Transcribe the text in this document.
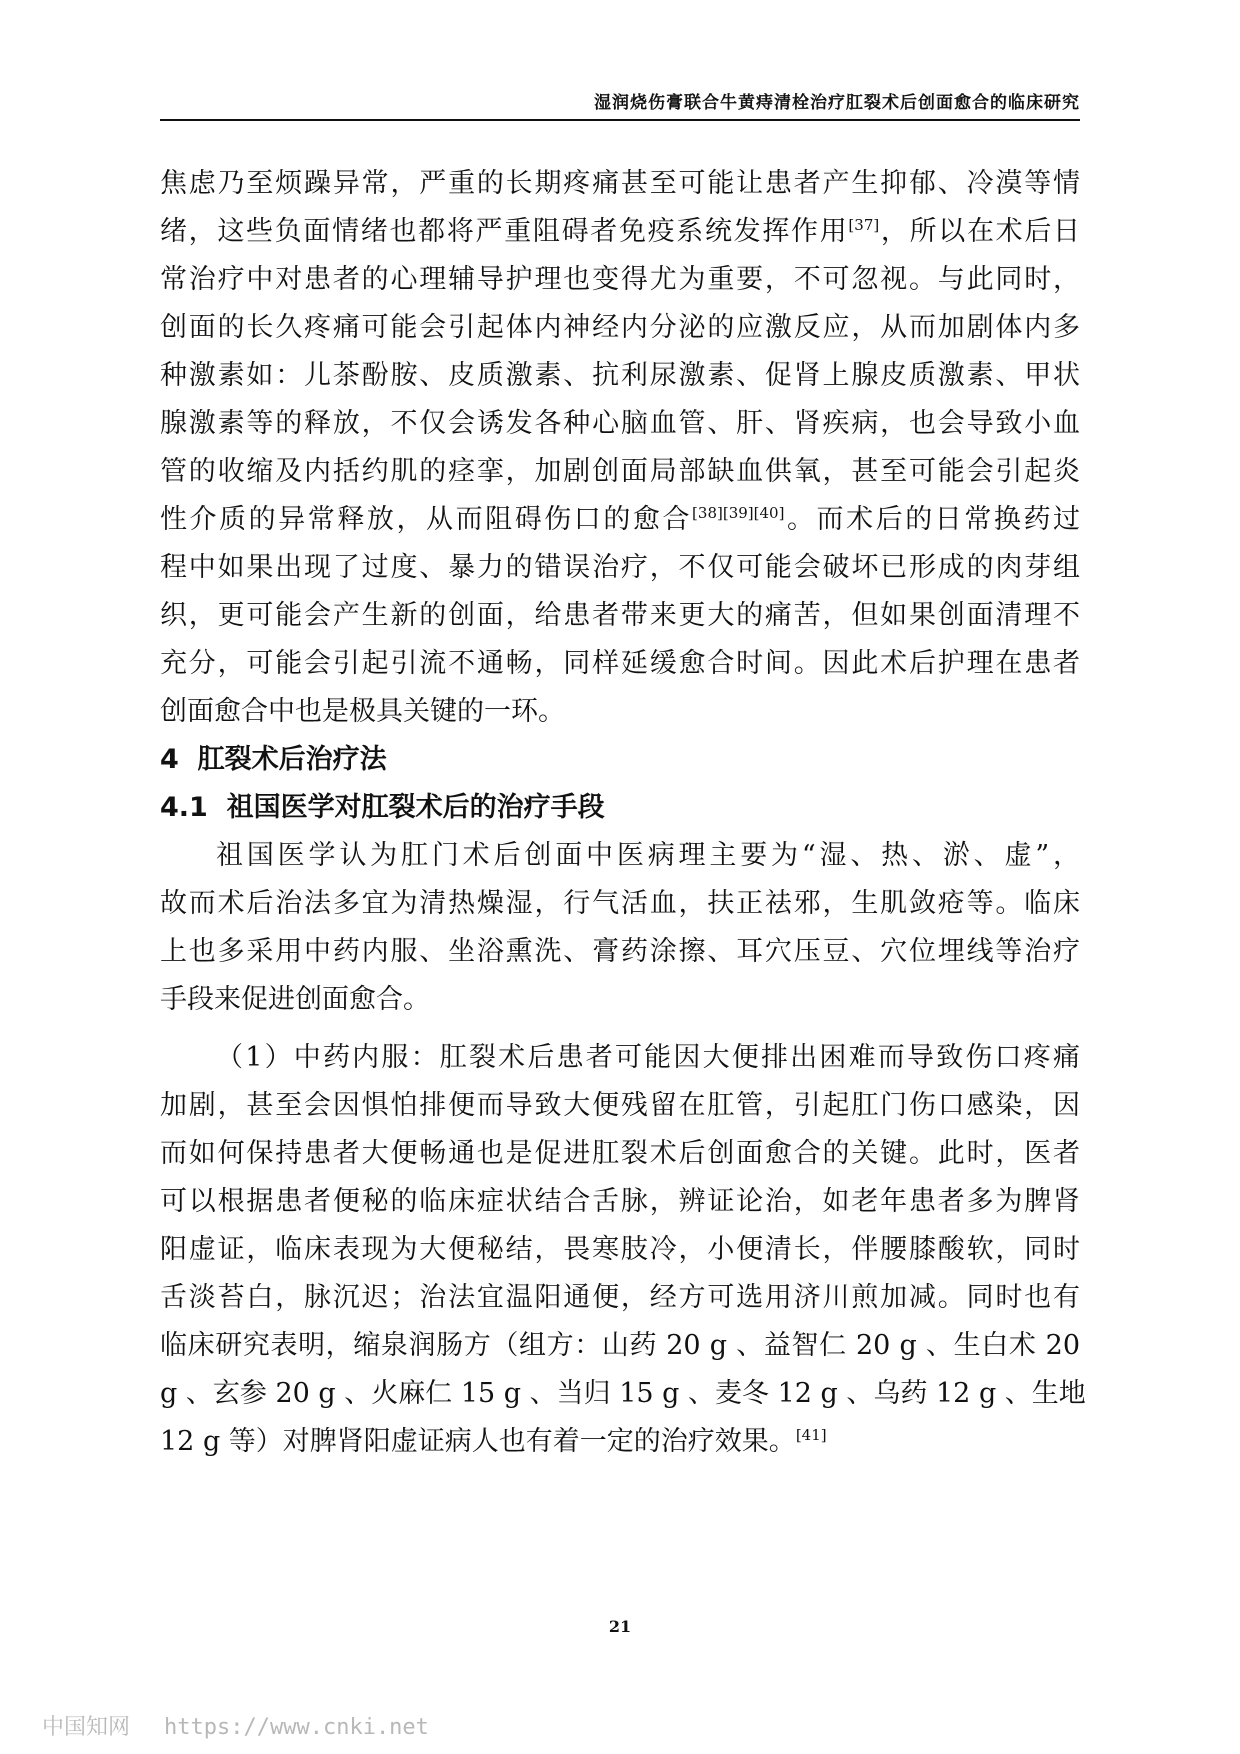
湿润烧伤膏联合牛黄痔清栓治疗肛裂术后创面愈合的临床研究
焦虑乃至烦躁异常，严重的长期疼痛甚至可能让患者产生抑郁、冷漠等情
绪，这些负面情绪也都将严重阻碍者免疫系统发挥作用[37]，所以在术后日
常治疗中对患者的心理辅导护理也变得尤为重要，不可忽视。与此同时，
创面的长久疼痛可能会引起体内神经内分泌的应激反应，从而加剧体内多
种激素如：儿茶酚胺、皮质激素、抗利尿激素、促肾上腺皮质激素、甲状
腺激素等的释放，不仅会诱发各种心脑血管、肝、肾疾病，也会导致小血
管的收缩及内括约肌的痉挛，加剧创面局部缺血供氧，甚至可能会引起炎
性介质的异常释放，从而阻碍伤口的愈合[38][39][40]。而术后的日常换药过
程中如果出现了过度、暴力的错误治疗，不仅可能会破坏已形成的肉芽组
织，更可能会产生新的创面，给患者带来更大的痛苦，但如果创面清理不
充分，可能会引起引流不通畅，同样延缓愈合时间。因此术后护理在患者
创面愈合中也是极具关键的一环。
4 肛裂术后治疗法
4.1 祖国医学对肛裂术后的治疗手段
祖国医学认为肛门术后创面中医病理主要为“湿、热、淤、虚”，
故而术后治法多宜为清热燥湿，行气活血，扶正祛邪，生肌敛疮等。临床
上也多采用中药内服、坐浴熏洗、膏药涂擦、耳穴压豆、穴位埋线等治疗
手段来促进创面愈合。
（1）中药内服：肛裂术后患者可能因大便排出困难而导致伤口疼痛
加剧，甚至会因惧怕排便而导致大便残留在肛管，引起肛门伤口感染，因
而如何保持患者大便畅通也是促进肛裂术后创面愈合的关键。此时，医者
可以根据患者便秘的临床症状结合舌脉，辨证论治，如老年患者多为脾肾
阳虚证，临床表现为大便秘结，畏寒肢冷，小便清长，伴腰膝酸软，同时
舌淡苔白，脉沉迟；治法宜温阳通便，经方可选用济川煎加减。同时也有
临床研究表明，缩泉润肠方（组方：山药 20 g 、益智仁 20 g 、生白术 20
g 、玄参 20 g 、火麻仁 15 g 、当归 15 g 、麦冬 12 g 、乌药 12 g 、生地
12 g 等）对脾肾阳虚证病人也有着一定的治疗效果。[41]
21
中国知网 https://www.cnki.net
